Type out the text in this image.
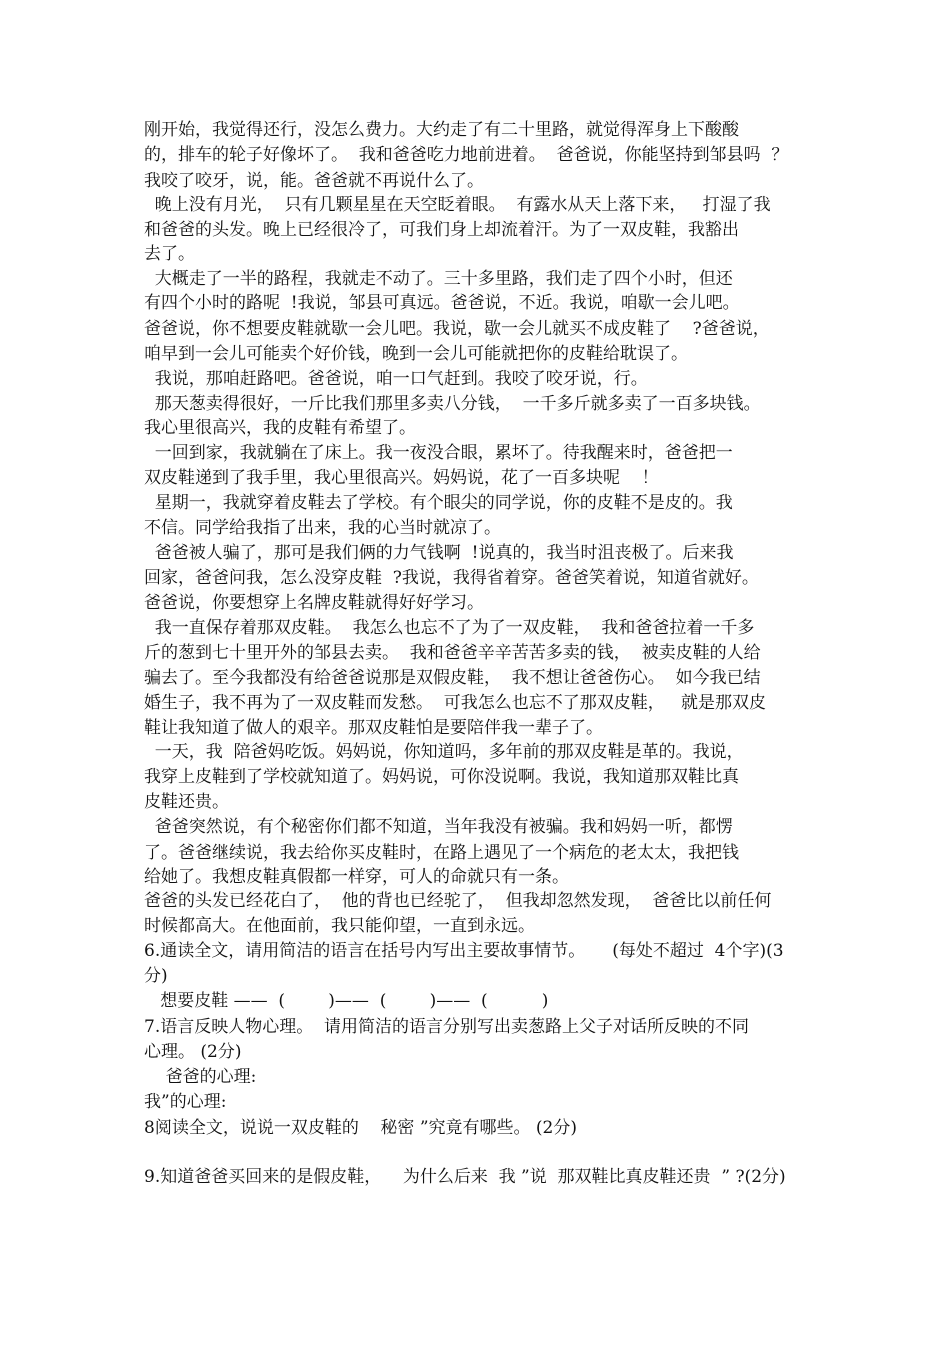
刚开始，我觉得还行，没怎么费力。大约走了有二十里路，就觉得浑身上下酸酸
的，排车的轮子好像坏了。  我和爸爸吃力地前进着。  爸爸说，你能坚持到邹县吗  ？
我咬了咬牙，说，能。爸爸就不再说什么了。
晚上没有月光，  只有几颗星星在天空眨着眼。  有露水从天上落下来，   打湿了我
和爸爸的头发。晚上已经很冷了，可我们身上却流着汗。为了一双皮鞋，我豁出
去了。
大概走了一半的路程，我就走不动了。三十多里路，我们走了四个小时，但还
有四个小时的路呢  !我说，邹县可真远。爸爸说，不近。我说，咱歇一会儿吧。
爸爸说，你不想要皮鞋就歇一会儿吧。我说，歇一会儿就买不成皮鞋了    ?爸爸说，
咱早到一会儿可能卖个好价钱，晚到一会儿可能就把你的皮鞋给耽误了。
我说，那咱赶路吧。爸爸说，咱一口气赶到。我咬了咬牙说，行。
那天葱卖得很好，一斤比我们那里多卖八分钱，  一千多斤就多卖了一百多块钱。
我心里很高兴，我的皮鞋有希望了。
一回到家，我就躺在了床上。我一夜没合眼，累坏了。待我醒来时，爸爸把一
双皮鞋递到了我手里，我心里很高兴。妈妈说，花了一百多块呢    ！
星期一，我就穿着皮鞋去了学校。有个眼尖的同学说，你的皮鞋不是皮的。我
不信。同学给我指了出来，我的心当时就凉了。
爸爸被人骗了，那可是我们俩的力气钱啊  !说真的，我当时沮丧极了。后来我
回家，爸爸问我，怎么没穿皮鞋  ?我说，我得省着穿。爸爸笑着说，知道省就好。
爸爸说，你要想穿上名牌皮鞋就得好好学习。
我一直保存着那双皮鞋。  我怎么也忘不了为了一双皮鞋，  我和爸爸拉着一千多
斤的葱到七十里开外的邹县去卖。  我和爸爸辛辛苦苦多卖的钱，  被卖皮鞋的人给
骗去了。至今我都没有给爸爸说那是双假皮鞋，  我不想让爸爸伤心。  如今我已结
婚生子，我不再为了一双皮鞋而发愁。  可我怎么也忘不了那双皮鞋，   就是那双皮
鞋让我知道了做人的艰辛。那双皮鞋怕是要陪伴我一辈子了。
一天，我  陪爸妈吃饭。妈妈说，你知道吗，多年前的那双皮鞋是革的。我说，
我穿上皮鞋到了学校就知道了。妈妈说，可你没说啊。我说，我知道那双鞋比真
皮鞋还贵。
爸爸突然说，有个秘密你们都不知道，当年我没有被骗。我和妈妈一听，都愣
了。爸爸继续说，我去给你买皮鞋时，在路上遇见了一个病危的老太太，我把钱
给她了。我想皮鞋真假都一样穿，可人的命就只有一条。
爸爸的头发已经花白了，  他的背也已经驼了，  但我却忽然发现，  爸爸比以前任何
时候都高大。在他面前，我只能仰望，一直到永远。
6.通读全文，请用简洁的语言在括号内写出主要故事情节。     (每处不超过  4个字)(3
分)
想要皮鞋 ——  (        )——  (        )——  (          )
7.语言反映人物心理。  请用简洁的语言分别写出卖葱路上父子对话所反映的不同
心理。 (2分)
爸爸的心理:
我”的心理:
8阅读全文，说说一双皮鞋的    秘密 ”究竟有哪些。 (2分)
9.知道爸爸买回来的是假皮鞋，    为什么后来  我 ”说  那双鞋比真皮鞋还贵  ” ?(2分)
